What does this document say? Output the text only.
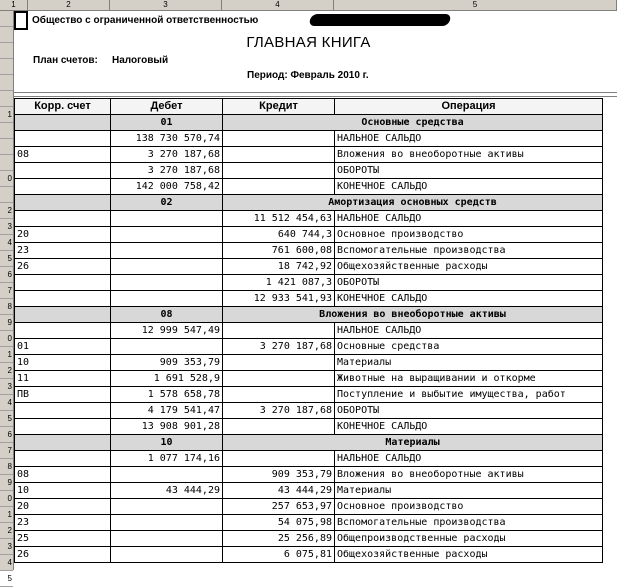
1	2	3	4	5
1
0
2
3
4
5
6
7
8
9
0
1
2
3
4
5
6
7
8
9
0
1
2
3
4
5
Общество с ограниченной ответственностью
ГЛАВНАЯ КНИГА
План счетов: Налоговый
Период: Февраль 2010 г.
Корр. счет	Дебет	Кредит	Операция
	01	Основные средства	
	138 730 570,74		НАЛЬНОЕ САЛЬДО
08	3 270 187,68		Вложения во внеоборотные активы
	3 270 187,68		ОБОРОТЫ
	142 000 758,42		КОНЕЧНОЕ САЛЬДО
	02	Амортизация основных средств	
		11 512 454,63	НАЛЬНОЕ САЛЬДО
20		640 744,3	Основное производство
23		761 600,08	Вспомогательные производства
26		18 742,92	Общехозяйственные расходы
		1 421 087,3	ОБОРОТЫ
		12 933 541,93	КОНЕЧНОЕ САЛЬДО
	08	Вложения во внеоборотные активы	
	12 999 547,49		НАЛЬНОЕ САЛЬДО
01		3 270 187,68	Основные средства
10	909 353,79		Материалы
11	1 691 528,9		Животные на выращивании и откорме
ПВ	1 578 658,78		Поступление и выбытие имущества, работ
	4 179 541,47	3 270 187,68	ОБОРОТЫ
	13 908 901,28		КОНЕЧНОЕ САЛЬДО
	10	Материалы	
	1 077 174,16		НАЛЬНОЕ САЛЬДО
08		909 353,79	Вложения во внеоборотные активы
10	43 444,29	43 444,29	Материалы
20		257 653,97	Основное производство
23		54 075,98	Вспомогательные производства
25		25 256,89	Общепроизводственные расходы
26		6 075,81	Общехозяйственные расходы
